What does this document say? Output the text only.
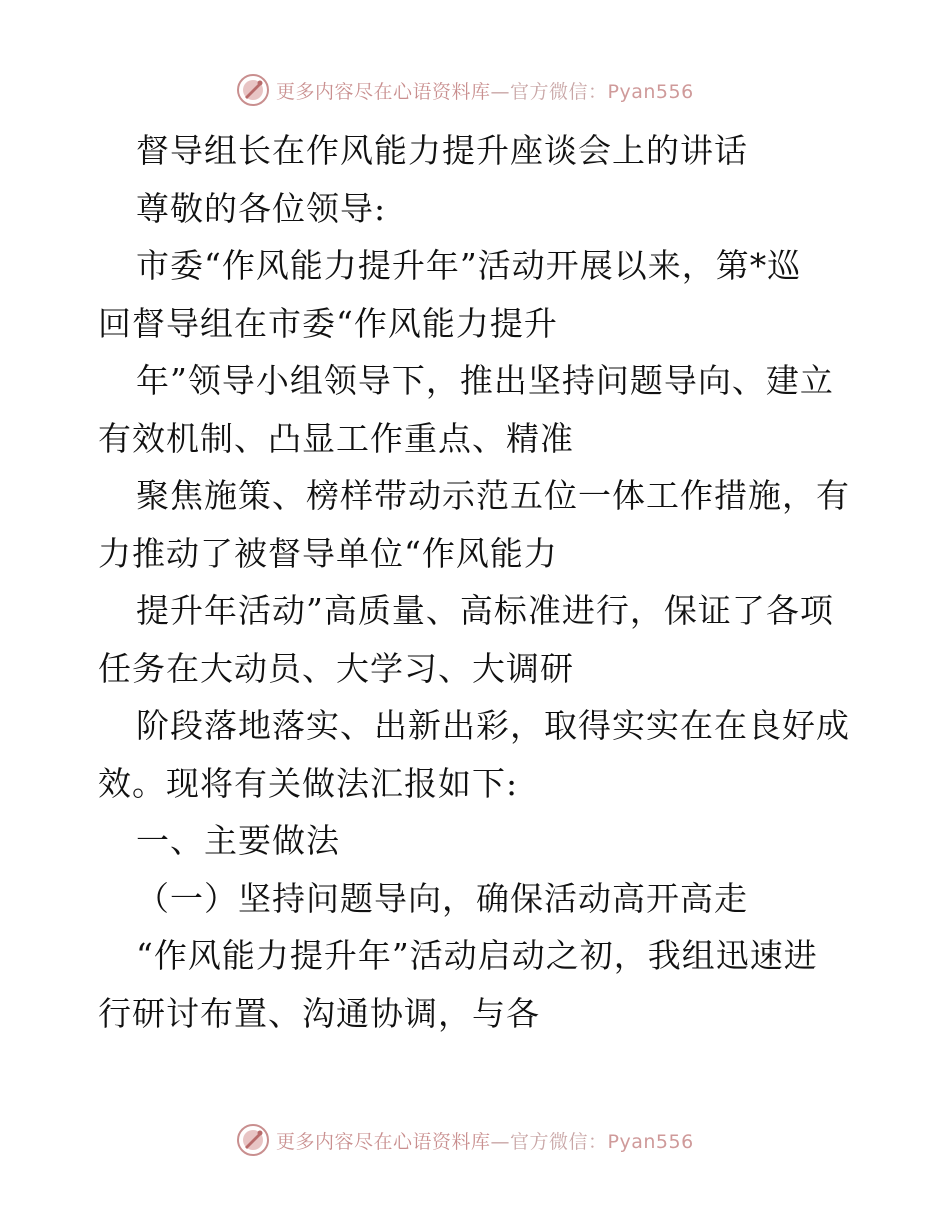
更多内容尽在心语资料库—官方微信：Pyan556
督导组长在作风能力提升座谈会上的讲话
尊敬的各位领导:
市委“作风能力提升年”活动开展以来，第*巡
回督导组在市委“作风能力提升
年”领导小组领导下，推出坚持问题导向、建立
有效机制、凸显工作重点、精准
聚焦施策、榜样带动示范五位一体工作措施，有
力推动了被督导单位“作风能力
提升年活动”高质量、高标准进行，保证了各项
任务在大动员、大学习、大调研
阶段落地落实、出新出彩，取得实实在在良好成
效。现将有关做法汇报如下:
一、主要做法
（一）坚持问题导向，确保活动高开高走
“作风能力提升年”活动启动之初，我组迅速进
行研讨布置、沟通协调，与各
更多内容尽在心语资料库—官方微信：Pyan556
